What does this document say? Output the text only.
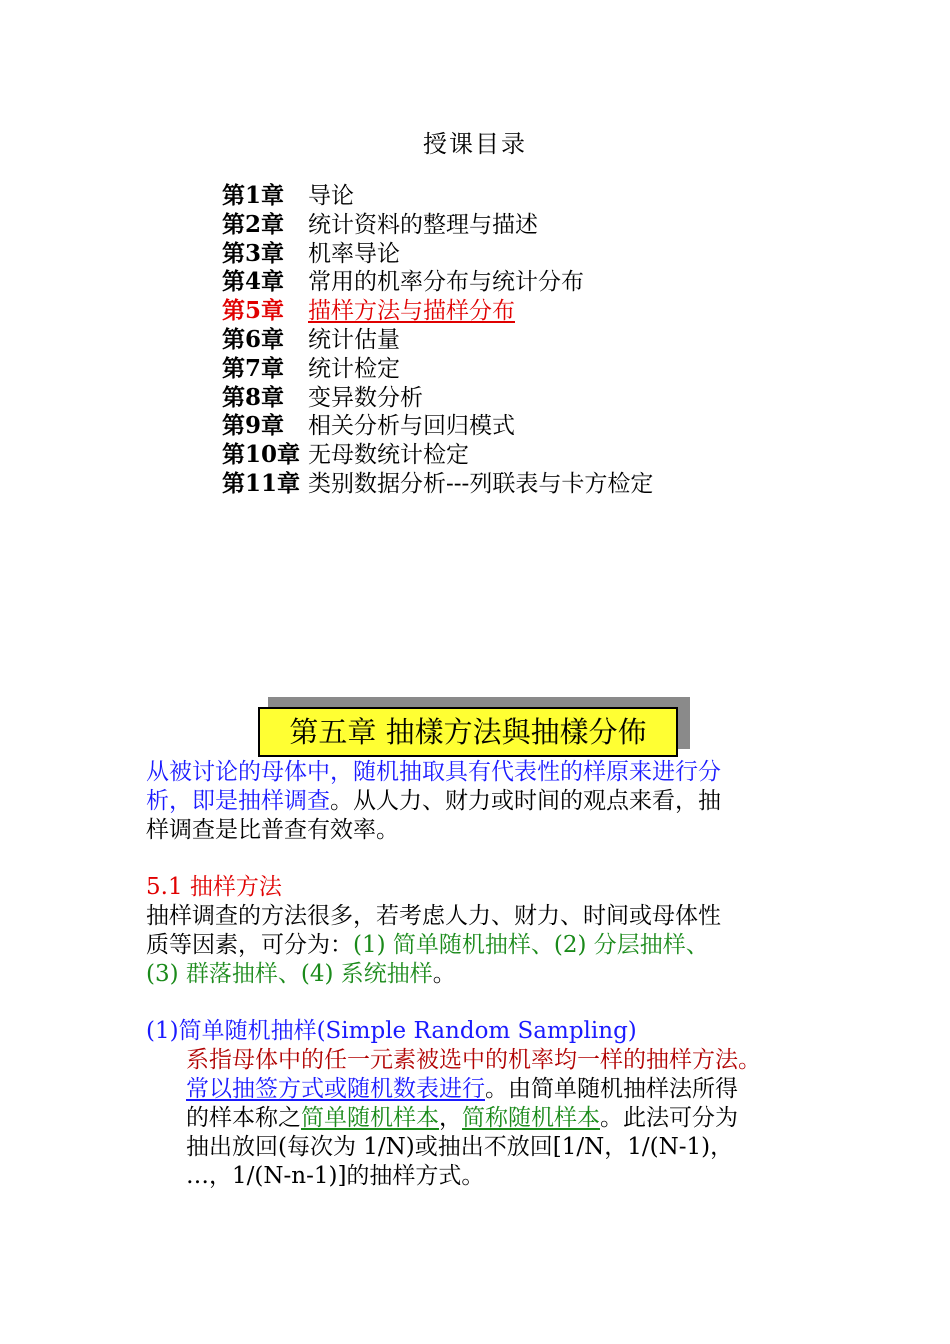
授课目录
第1章	导论
第2章	统计资料的整理与描述
第3章	机率导论
第4章	常用的机率分布与统计分布
第5章	描样方法与描样分布
第6章	统计估量
第7章	统计检定
第8章	变异数分析
第9章	相关分析与回归模式
第10章 无母数统计检定
第11章 类别数据分析---列联表与卡方检定
第五章 抽樣方法與抽樣分佈
从被讨论的母体中，随机抽取具有代表性的样原来进行分
析，即是抽样调查。从人力、财力或时间的观点来看，抽
样调查是比普查有效率。
5.1 抽样方法
抽样调查的方法很多，若考虑人力、财力、时间或母体性
质等因素，可分为：(1) 简单随机抽样、(2) 分层抽样、
(3) 群落抽样、(4) 系统抽样。
(1)简单随机抽样(Simple Random Sampling)
系指母体中的任一元素被选中的机率均一样的抽样方法。
常以抽签方式或随机数表进行。由简单随机抽样法所得
的样本称之简单随机样本，简称随机样本。此法可分为
抽出放回(每次为 1/N)或抽出不放回[1/N，1/(N-1)，
…，1/(N-n-1)]的抽样方式。
